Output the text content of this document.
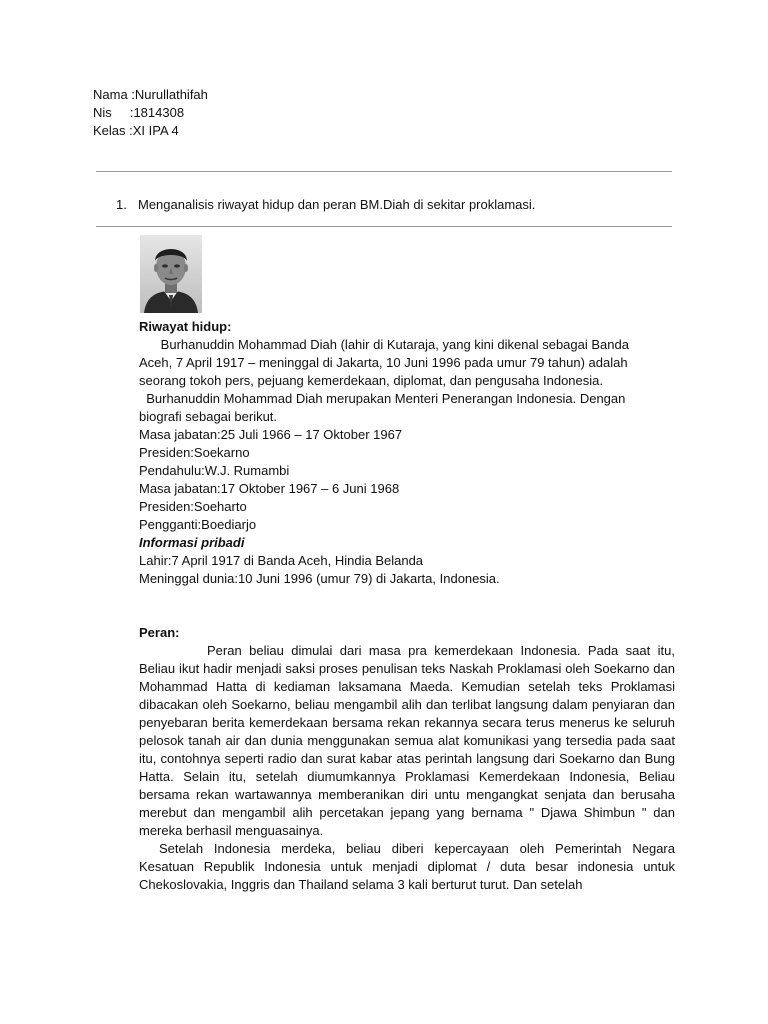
Nama :Nurullathifah
Nis     :1814308
Kelas :XI IPA 4
1. Menganalisis riwayat hidup dan peran BM.Diah di sekitar proklamasi.
Riwayat hidup:
Burhanuddin Mohammad Diah (lahir di Kutaraja, yang kini dikenal sebagai Banda
Aceh, 7 April 1917 – meninggal di Jakarta, 10 Juni 1996 pada umur 79 tahun) adalah
seorang tokoh pers, pejuang kemerdekaan, diplomat, dan pengusaha Indonesia.
Burhanuddin Mohammad Diah merupakan Menteri Penerangan Indonesia. Dengan
biografi sebagai berikut.
Masa jabatan:25 Juli 1966 – 17 Oktober 1967
Presiden:Soekarno
Pendahulu:W.J. Rumambi
Masa jabatan:17 Oktober 1967 – 6 Juni 1968
Presiden:Soeharto
Pengganti:Boediarjo
Informasi pribadi
Lahir:7 April 1917 di Banda Aceh, Hindia Belanda
Meninggal dunia:10 Juni 1996 (umur 79) di Jakarta, Indonesia.
Peran:

Peran beliau dimulai dari masa pra kemerdekaan Indonesia. Pada saat itu, Beliau ikut hadir menjadi saksi proses penulisan teks Naskah Proklamasi oleh Soekarno dan Mohammad Hatta di kediaman laksamana Maeda. Kemudian setelah teks Proklamasi dibacakan oleh Soekarno, beliau mengambil alih dan terlibat langsung dalam penyiaran dan penyebaran berita kemerdekaan bersama rekan rekannya secara terus menerus ke seluruh pelosok tanah air dan dunia menggunakan semua alat komunikasi yang tersedia pada saat itu, contohnya seperti radio dan surat kabar atas perintah langsung dari Soekarno dan Bung Hatta. Selain itu, setelah diumumkannya Proklamasi Kemerdekaan Indonesia, Beliau bersama rekan wartawannya memberanikan diri untu mengangkat senjata dan berusaha merebut dan mengambil alih percetakan jepang yang bernama " Djawa Shimbun " dan mereka berhasil menguasainya.

Setelah Indonesia merdeka, beliau diberi kepercayaan oleh Pemerintah Negara Kesatuan Republik Indonesia untuk menjadi diplomat / duta besar indonesia untuk Chekoslovakia, Inggris dan Thailand selama 3 kali berturut turut. Dan setelah
